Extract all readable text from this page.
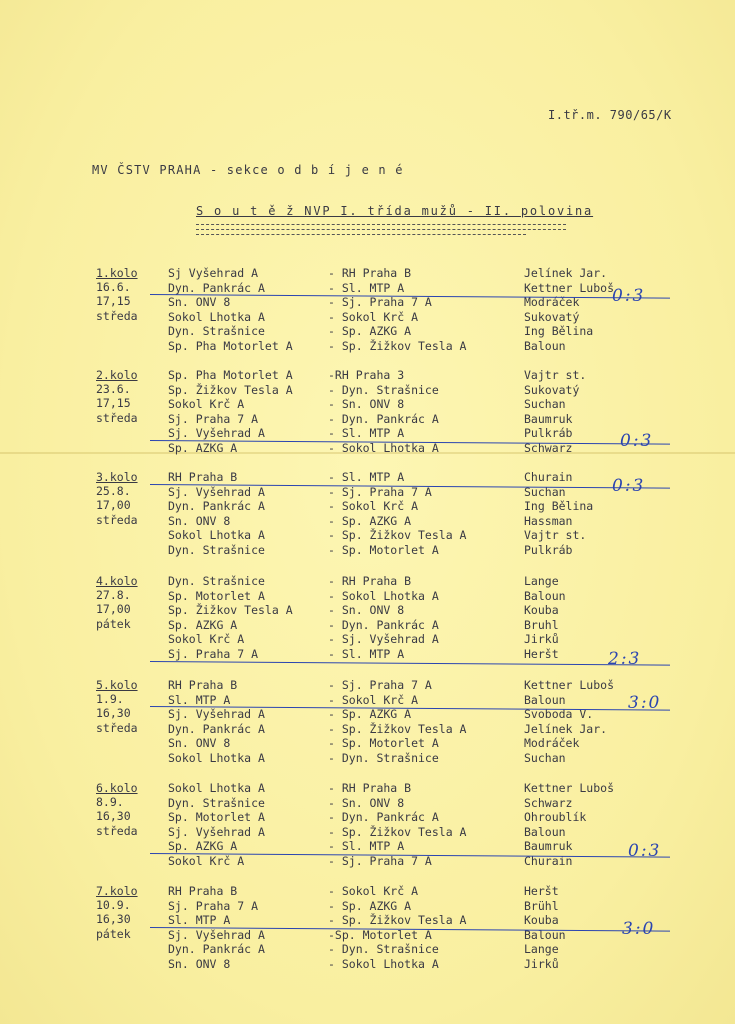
I.tř.m. 790/65/K
MV ČSTV PRAHA - sekce o d b í j e n é
S o u t ě ž NVP I. třída mužů - II. polovina
1.kolo
16.6.
17,15
středa
Sj Vyšehrad A	- RH Praha B	Jelínek Jar.
Dyn. Pankrác A	- Sl. MTP A	Kettner Luboš
Sn. ONV 8	- Sj. Praha 7 A	Modráček
Sokol Lhotka A	- Sokol Krč A	Sukovatý
Dyn. Strašnice	- Sp. AZKG A	Ing Bělina
Sp. Pha Motorlet A	- Sp. Žižkov Tesla A	Baloun
0:3
2.kolo
23.6.
17,15
středa
Sp. Pha Motorlet A	-RH Praha 3	Vajtr st.
Sp. Žižkov Tesla A	- Dyn. Strašnice	Sukovatý
Sokol Krč A	- Sn. ONV 8	Suchan
Sj. Praha 7 A	- Dyn. Pankrác A	Baumruk
Sj. Vyšehrad A	- Sl. MTP A	Pulkráb
Sp. AZKG A	- Sokol Lhotka A	Schwarz	0:3
3.kolo
25.8.
17,00
středa
RH Praha B	- Sl. MTP A	Churain
Sj. Vyšehrad A	- Sj. Praha 7 A	Suchan
Dyn. Pankrác A	- Sokol Krč A	Ing Bělina
Sn. ONV 8	- Sp. AZKG A	Hassman
Sokol Lhotka A	- Sp. Žižkov Tesla A	Vajtr st.
Dyn. Strašnice	- Sp. Motorlet A	Pulkráb
0:3
4.kolo
27.8.
17,00
pátek
Dyn. Strašnice	- RH Praha B	Lange
Sp. Motorlet A	- Sokol Lhotka A	Baloun
Sp. Žižkov Tesla A	- Sn. ONV 8	Kouba
Sp. AZKG A	- Dyn. Pankrác A	Bruhl
Sokol Krč A	- Sj. Vyšehrad A	Jirků
Sj. Praha 7 A	- Sl. MTP A	Heršt	2:3
5.kolo
1.9.
16,30
středa
RH Praha B	- Sj. Praha 7 A	Kettner Luboš
Sl. MTP A	- Sokol Krč A	Baloun
Sj. Vyšehrad A	- Sp. AZKG A	Svoboda V.
Dyn. Pankrác A	- Sp. Žižkov Tesla A	Jelínek Jar.
Sn. ONV 8	- Sp. Motorlet A	Modráček
Sokol Lhotka A	- Dyn. Strašnice	Suchan
3:0
6.kolo
8.9.
16,30
středa
Sokol Lhotka A	- RH Praha B	Kettner Luboš
Dyn. Strašnice	- Sn. ONV 8	Schwarz
Sp. Motorlet A	- Dyn. Pankrác A	Ohroublík
Sj. Vyšehrad A	- Sp. Žižkov Tesla A	Baloun
Sp. AZKG A	- Sl. MTP A	Baumruk
Sokol Krč A	- Sj. Praha 7 A	Churain	0:3
7.kolo
10.9.
16,30
pátek
RH Praha B	- Sokol Krč A	Heršt
Sj. Praha 7 A	- Sp. AZKG A	Brühl
Sl. MTP A	- Sp. Žižkov Tesla A	Kouba
Sj. Vyšehrad A	-Sp. Motorlet A	Baloun
Dyn. Pankrác A	- Dyn. Strašnice	Lange
Sn. ONV 8	- Sokol Lhotka A	Jirků
3:0
